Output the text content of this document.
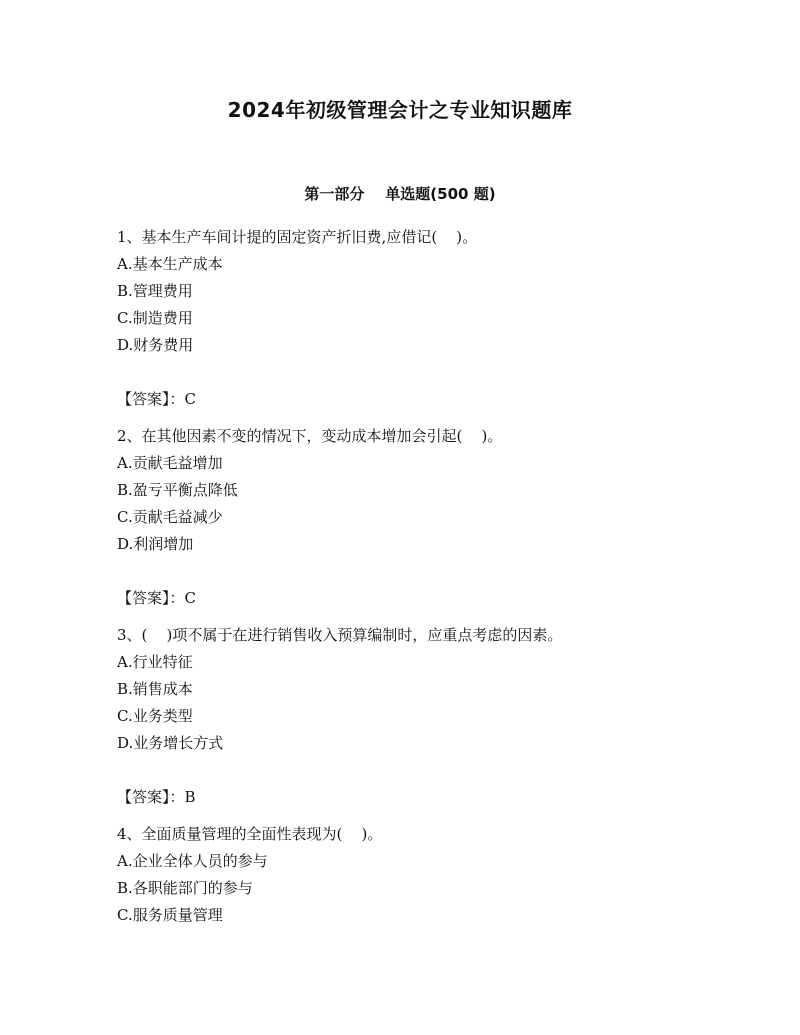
2024年初级管理会计之专业知识题库
第一部分    单选题(500 题)

1、基本生产车间计提的固定资产折旧费,应借记(    )。

A.基本生产成本

B.管理费用

C.制造费用

D.财务费用

【答案】：C

2、在其他因素不变的情况下，变动成本增加会引起(    )。

A.贡献毛益增加

B.盈亏平衡点降低

C.贡献毛益减少

D.利润增加

【答案】：C

3、(    )项不属于在进行销售收入预算编制时，应重点考虑的因素。

A.行业特征

B.销售成本

C.业务类型

D.业务增长方式

【答案】：B

4、全面质量管理的全面性表现为(    )。

A.企业全体人员的参与

B.各职能部门的参与

C.服务质量管理
